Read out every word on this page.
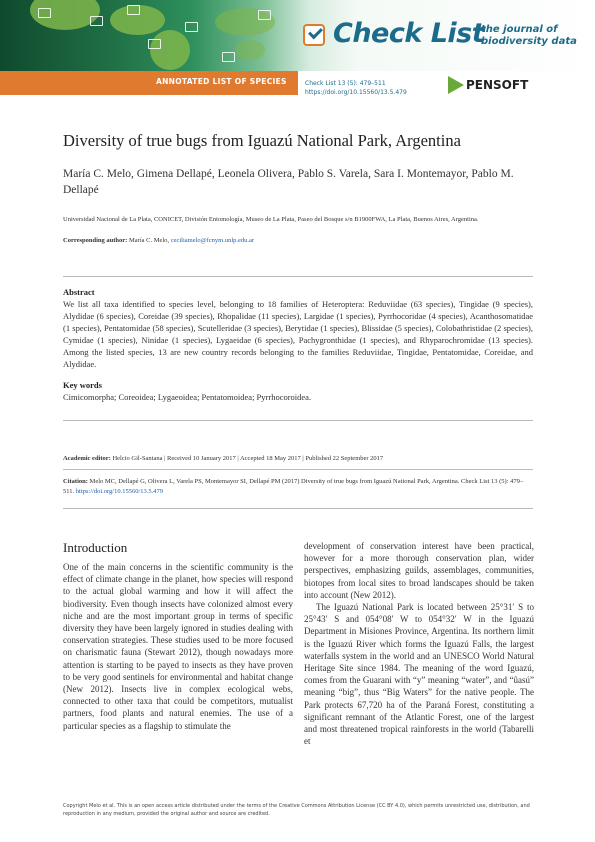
Check List
the journal of
biodiversity data
ANNOTATED LIST OF SPECIES	Check List 13 (5): 479–511
https://doi.org/10.15560/13.5.479
PENSOFT
Diversity of true bugs from Iguazú National Park, Argentina
María C. Melo, Gimena Dellapé, Leonela Olivera, Pablo S. Varela, Sara I. Montemayor, Pablo M. Dellapé
Universidad Nacional de La Plata, CONICET, División Entomología, Museo de La Plata, Paseo del Bosque s/n B1900FWA, La Plata, Buenos Aires, Argentina.
Corresponding author: María C. Melo, ceciliamelo@fcnym.unlp.edu.ar
Abstract
We list all taxa identified to species level, belonging to 18 families of Heteroptera: Reduviidae (63 species), Tingidae (9 species), Alydidae (6 species), Coreidae (39 species), Rhopalidae (11 species), Largidae (1 species), Pyrrhocoridae (4 species), Acanthosomatidae (1 species), Pentatomidae (58 species), Scutelleridae (3 species), Berytidae (1 species), Blissidae (5 species), Colobathristidae (2 species), Cymidae (1 species), Ninidae (1 species), Lygaeidae (6 species), Pachygronthidae (1 species), and Rhyparochromidae (13 species). Among the listed species, 13 are new country records belonging to the families Reduviidae, Tingidae, Pentatomidae, Coreidae, and Alydidae.
Key words
Cimicomorpha; Coreoidea; Lygaeoidea; Pentatomoidea; Pyrrhocoroidea.
Academic editor: Helcio Gil-Santana | Received 10 January 2017 | Accepted 18 May 2017 | Published 22 September 2017
Citation: Melo MC, Dellapé G, Olivera L, Varela PS, Montemayor SI, Dellapé PM (2017) Diversity of true bugs from Iguazú National Park, Argentina. Check List 13 (5): 479–511. https://doi.org/10.15560/13.5.479
Introduction

One of the main concerns in the scientific community is the effect of climate change in the planet, how species will respond to the actual global warming and how it will affect the biodiversity. Even though insects have colonized almost every niche and are the most important group in terms of specific diversity they have been largely ignored in studies dealing with conservation strategies. These studies used to be more focused on charismatic fauna (Stewart 2012), though nowadays more attention is starting to be payed to insects as they have proven to be very good sentinels for environmental and habitat change (New 2012). Insects live in complex ecological webs, connected to other taxa that could be competitors, mutualist partners, food plants and natural enemies. The use of a particular species as a flagship to stimulate the

development of conservation interest have been practical, however for a more thorough conservation plan, wider perspectives, emphasizing guilds, assemblages, communities, biotopes from local sites to broad landscapes should be taken into account (New 2012).

The Iguazú National Park is located between 25°31′ S to 25°43′ S and 054°08′ W to 054°32′ W in the Iguazú Department in Misiones Province, Argentina. Its northern limit is the Iguazú River which forms the Iguazú Falls, the largest waterfalls system in the world and an UNESCO World Natural Heritage Site since 1984. The meaning of the word Iguazú, comes from the Guarani with “y” meaning “water”, and “ûasú” meaning “big”, thus “Big Waters” for the native people. The Park protects 67,720 ha of the Paraná Forest, constituting a significant remnant of the Atlantic Forest, one of the largest and most threatened tropical rainforests in the world (Tabarelli et

Copyright Melo et al. This is an open access article distributed under the terms of the Creative Commons Attribution License (CC BY 4.0), which permits unrestricted use, distribution, and reproduction in any medium, provided the original author and source are credited.
